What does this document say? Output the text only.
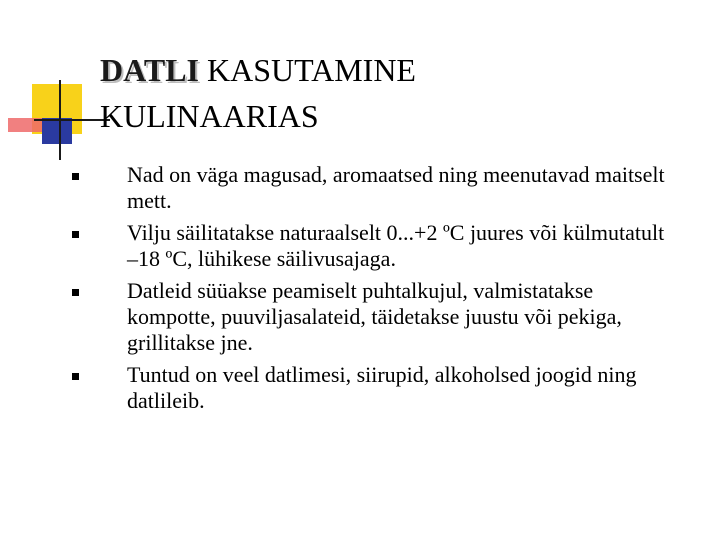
DATLI KASUTAMINE
KULINAARIAS
Nad on väga magusad, aromaatsed ning meenutavad maitselt mett.
Vilju säilitatakse naturaalselt 0...+2 ºC juures või külmutatult –18 ºC, lühikese säilivusajaga.
Datleid süüakse peamiselt puhtalkujul, valmistatakse kompotte, puuviljasalateid, täidetakse juustu või pekiga, grillitakse jne.
Tuntud on veel datlimesi, siirupid, alkoholsed joogid ning datlileib.
